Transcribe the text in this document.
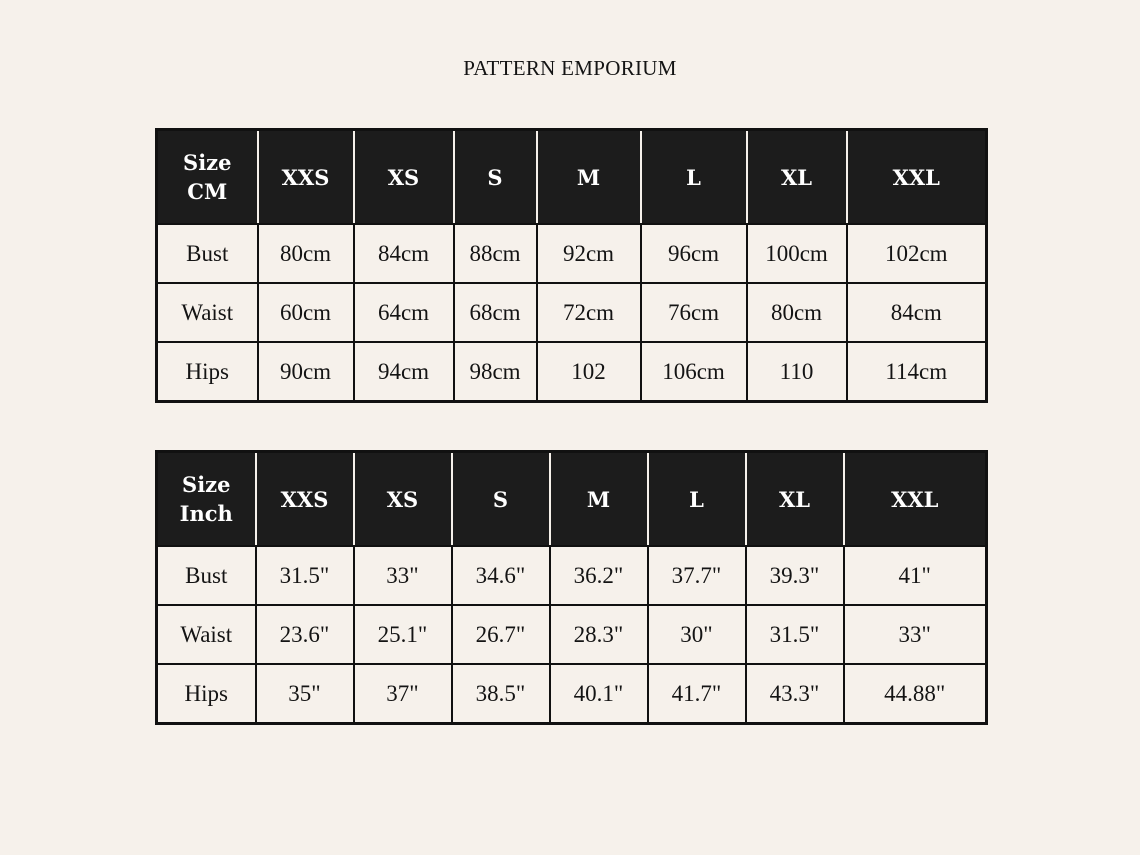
PATTERN EMPORIUM
Size
CM	XXS	XS	S	M	L	XL	XXL
Bust	80cm	84cm	88cm	92cm	96cm	100cm	102cm
Waist	60cm	64cm	68cm	72cm	76cm	80cm	84cm
Hips	90cm	94cm	98cm	102	106cm	110	114cm
Size
Inch	XXS	XS	S	M	L	XL	XXL
Bust	31.5"	33"	34.6"	36.2"	37.7"	39.3"	41"
Waist	23.6"	25.1"	26.7"	28.3"	30"	31.5"	33"
Hips	35"	37"	38.5"	40.1"	41.7"	43.3"	44.88"
